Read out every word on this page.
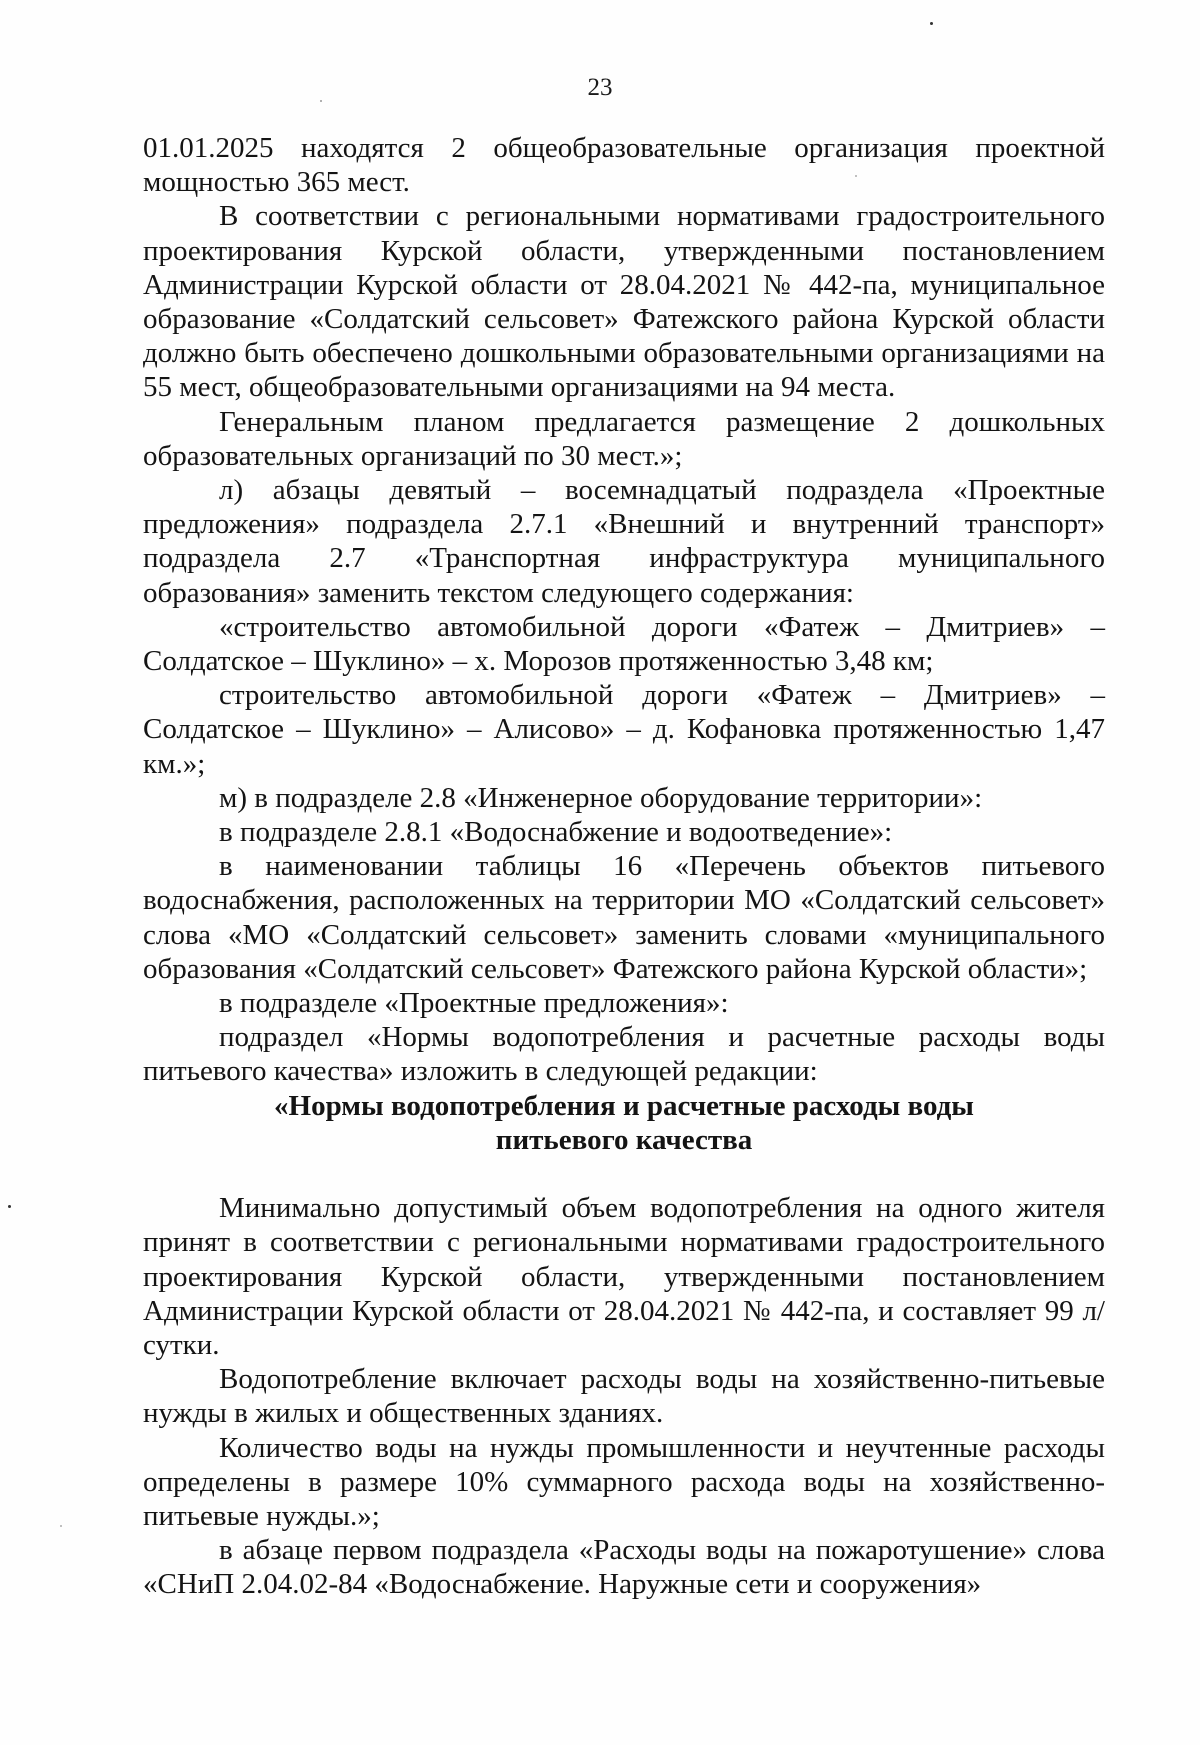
23

01.01.2025 находятся 2 общеобразовательные организация проектной мощностью 365 мест.

В соответствии с региональными нормативами градостроительного проектирования Курской области, утвержденными постановлением Администрации Курской области от 28.04.2021 № 442-па, муниципальное образование «Солдатский сельсовет» Фатежского района Курской области должно быть обеспечено дошкольными образовательными организациями на 55 мест, общеобразовательными организациями на 94 места.

Генеральным планом предлагается размещение 2 дошкольных образовательных организаций по 30 мест.»;

л) абзацы девятый – восемнадцатый подраздела «Проектные предложения» подраздела 2.7.1 «Внешний и внутренний транспорт» подраздела 2.7 «Транспортная инфраструктура муниципального образования» заменить текстом следующего содержания:

«строительство автомобильной дороги «Фатеж – Дмитриев» – Солдатское – Шуклино» – х. Морозов протяженностью 3,48 км;

строительство автомобильной дороги «Фатеж – Дмитриев» – Солдатское – Шуклино» – Алисово» – д. Кофановка протяженностью 1,47 км.»;

м) в подразделе 2.8 «Инженерное оборудование территории»:

в подразделе 2.8.1 «Водоснабжение и водоотведение»:

в наименовании таблицы 16 «Перечень объектов питьевого водоснабжения, расположенных на территории МО «Солдатский сельсовет» слова «МО «Солдатский сельсовет» заменить словами «муниципального образования «Солдатский сельсовет» Фатежского района Курской области»;

в подразделе «Проектные предложения»:

подраздел «Нормы водопотребления и расчетные расходы воды питьевого качества» изложить в следующей редакции:

«Нормы водопотребления и расчетные расходы воды
питьевого качества

Минимально допустимый объем водопотребления на одного жителя принят в соответствии с региональными нормативами градостроительного проектирования Курской области, утвержденными постановлением Администрации Курской области от 28.04.2021 № 442-па, и составляет 99 л/сутки.

Водопотребление включает расходы воды на хозяйственно-питьевые нужды в жилых и общественных зданиях.

Количество воды на нужды промышленности и неучтенные расходы определены в размере 10% суммарного расхода воды на хозяйственно-питьевые нужды.»;

в абзаце первом подраздела «Расходы воды на пожаротушение» слова «СНиП 2.04.02-84 «Водоснабжение. Наружные сети и сооружения»
